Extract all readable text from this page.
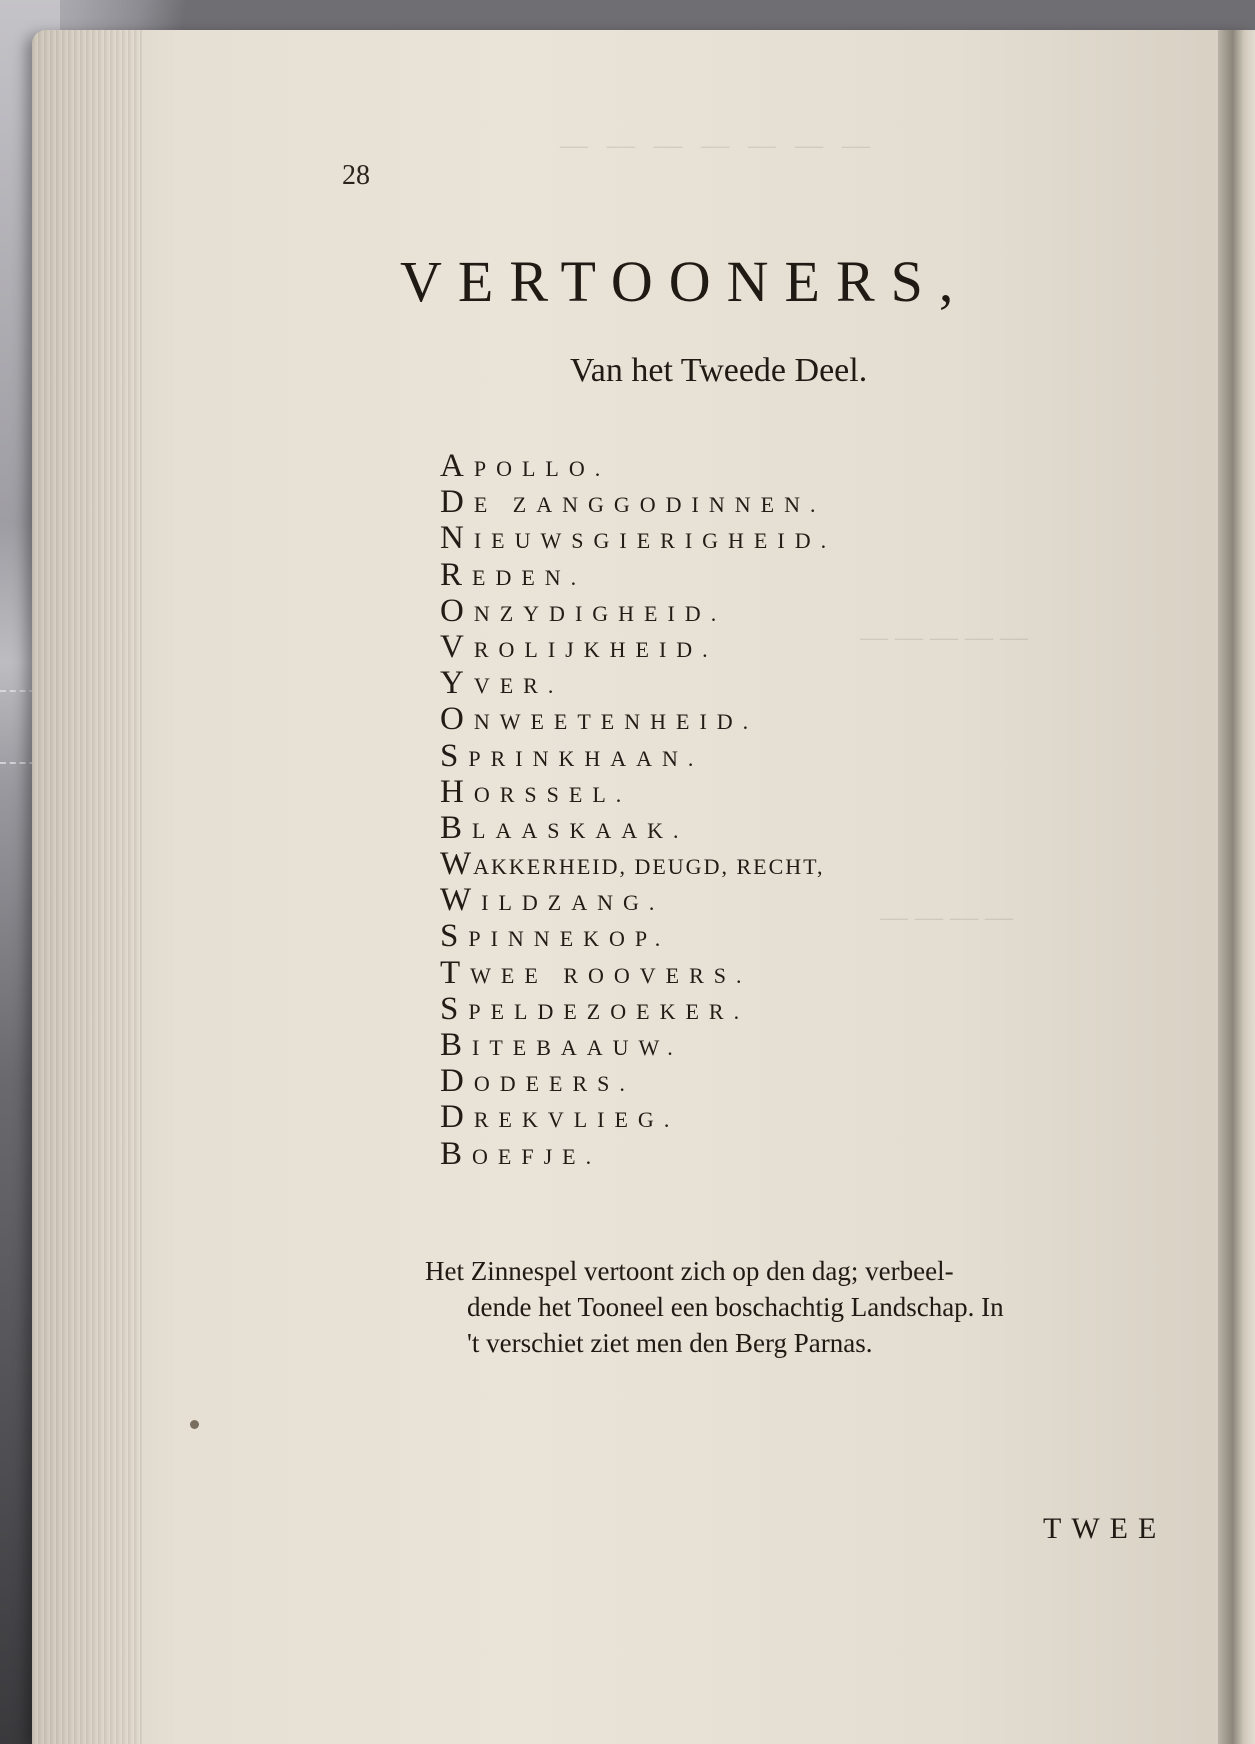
— — — — — — —
— — — — —
— — — —
28
VERTOONERS,
Van het Tweede Deel.
APOLLO.
DE ZANGGODINNEN.
NIEUWSGIERIGHEID.
REDEN.
ONZYDIGHEID.
VROLIJKHEID.
YVER.
ONWEETENHEID.
SPRINKHAAN.
HORSSEL.
BLAASKAAK.
WAKKERHEID, DEUGD, RECHT,
WILDZANG.
SPINNEKOP.
TWEE ROOVERS.
SPELDEZOEKER.
BITEBAAUW.
DODEERS.
DREKVLIEG.
BOEFJE.
Het Zinnespel vertoont zich op den dag; verbeel-
dende het Tooneel een boschachtig Landschap. In
't verschiet ziet men den Berg Parnas.
TWEE
